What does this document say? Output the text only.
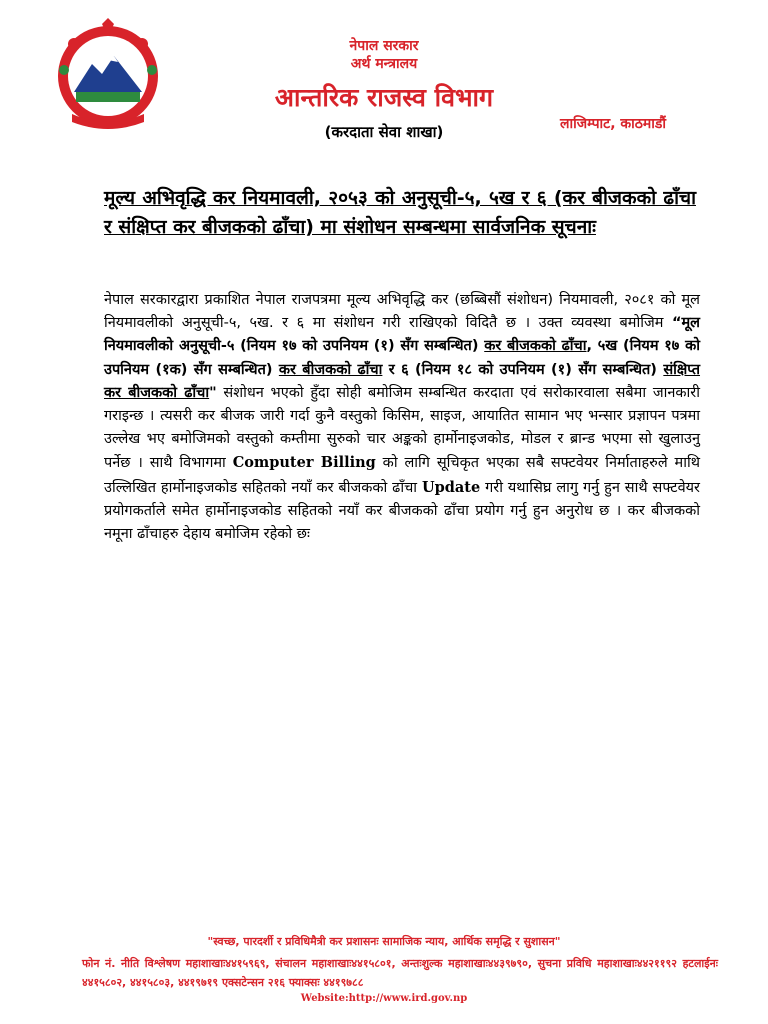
नेपाल सरकार
अर्थ मन्त्रालय
आन्तरिक राजस्व विभाग
(करदाता सेवा शाखा)	लाजिम्पाट, काठमाडौं
मूल्य अभिवृद्धि कर नियमावली, २०५३ को अनुसूची-५, ५ख र ६ (कर बीजकको ढाँचा र संक्षिप्त कर बीजकको ढाँचा) मा संशोधन सम्बन्धमा सार्वजनिक सूचनाः

नेपाल सरकारद्वारा प्रकाशित नेपाल राजपत्रमा मूल्य अभिवृद्धि कर (छब्बिसौं संशोधन) नियमावली, २०८१ को मूल नियमावलीको अनुसूची-५, ५ख. र ६ मा संशोधन गरी राखिएको विदितै छ । उक्त व्यवस्था बमोजिम “मूल नियमावलीको अनुसूची-५ (नियम १७ को उपनियम (१) सँग सम्बन्धित) कर बीजकको ढाँचा, ५ख (नियम १७ को उपनियम (१क) सँग सम्बन्धित) कर बीजकको ढाँचा र ६ (नियम १८ को उपनियम (१) सँग सम्बन्धित) संक्षिप्त कर बीजकको ढाँचा" संशोधन भएको हुँदा सोही बमोजिम सम्बन्धित करदाता एवं सरोकारवाला सबैमा जानकारी गराइन्छ । त्यसरी कर बीजक जारी गर्दा कुनै वस्तुको किसिम, साइज, आयातित सामान भए भन्सार प्रज्ञापन पत्रमा उल्लेख भए बमोजिमको वस्तुको कम्तीमा सुरुको चार अङ्कको हार्मोनाइजकोड, मोडल र ब्रान्ड भएमा सो खुलाउनु पर्नेछ । साथै विभागमा Computer Billing को लागि सूचिकृत भएका सबै सफ्टवेयर निर्माताहरुले माथि उल्लिखित हार्मोनाइजकोड सहितको नयाँ कर बीजकको ढाँचा Update गरी यथासिघ्र लागु गर्नु हुन साथै सफ्टवेयर प्रयोगकर्ताले समेत हार्मोनाइजकोड सहितको नयाँ कर बीजकको ढाँचा प्रयोग गर्नु हुन अनुरोध छ । कर बीजकको नमूना ढाँचाहरु देहाय बमोजिम रहेको छः

"स्वच्छ, पारदर्शी र प्रविधिमैत्री कर प्रशासनः सामाजिक न्याय, आर्थिक समृद्धि र सुशासन"
फोन नं. नीति विश्लेषण महाशाखाः४४१५९६९, संचालन महाशाखाः४४१५८०१, अन्तःशुल्क महाशाखाः४४३९७९०, सुचना प्रविधि महाशाखाः४४२११९२ हटलाईनः ४४१५८०२, ४४१५८०३, ४४१९७१९ एक्सटेन्सन २१६ फ्याक्सः ४४१९७८८
Website:http://www.ird.gov.np
